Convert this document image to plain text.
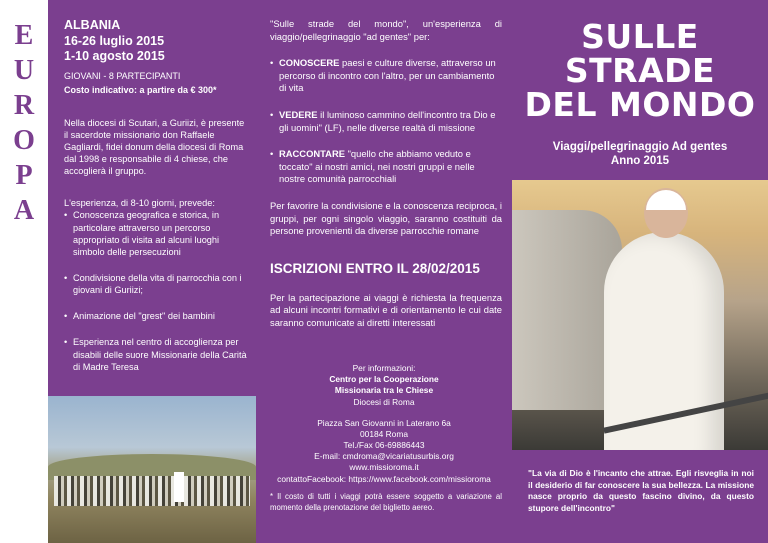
E
U
R
O
P
A
ALBANIA
16-26 luglio 2015
1-10 agosto 2015
GIOVANI - 8 PARTECIPANTI
Costo indicativo: a partire da € 300*
Nella diocesi di Scutari, a Guriizi, è presente il sacerdote missionario don Raffaele Gagliardi, fidei donum della diocesi di Roma dal 1998 e responsabile di 4 chiese, che accoglierà il gruppo.
L'esperienza, di 8-10 giorni, prevede:
• Conoscenza geografica e storica, in particolare attraverso un percorso appropriato di visita ad alcuni luoghi simbolo delle persecuzioni
• Condivisione della vita di parrocchia con i giovani di Guriizi;
• Animazione del "grest" dei bambini
• Esperienza nel centro di accoglienza per disabili delle suore Missionarie della Carità di Madre Teresa

"Sulle strade del mondo", un'esperienza di viaggio/pellegrinaggio "ad gentes" per:

• CONOSCERE paesi e culture diverse, attraverso un percorso di incontro con l'altro, per un cambiamento di vita
• VEDERE il luminoso cammino dell'incontro tra Dio e gli uomini" (LF), nelle diverse realtà di missione
• RACCONTARE "quello che abbiamo veduto e toccato" ai nostri amici, nei nostri gruppi e nelle nostre comunità parrocchiali

Per favorire la condivisione e la conoscenza reciproca, i gruppi, per ogni singolo viaggio, saranno costituiti da persone provenienti da diverse parrocchie romane

ISCRIZIONI ENTRO IL 28/02/2015

Per la partecipazione ai viaggi è richiesta la frequenza ad alcuni incontri formativi e di orientamento le cui date saranno comunicate ai diretti interessati

Per informazioni:
Centro per la Cooperazione
Missionaria tra le Chiese
Diocesi di Roma
Piazza San Giovanni in Laterano 6a
00184 Roma
Tel./Fax 06-69886443
E-mail: cmdroma@vicariatusurbis.org
www.missioroma.it
contattoFacebook: https://www.facebook.com/missioroma
* Il costo di tutti i viaggi potrà essere soggetto a variazione al momento della prenotazione del biglietto aereo.
SULLE
STRADE
DEL MONDO
Viaggi/pellegrinaggio Ad gentes
Anno 2015
"La via di Dio è l'incanto che attrae. Egli risveglia in noi il desiderio di far conoscere la sua bellezza. La missione nasce proprio da questo fascino divino, da questo stupore dell'incontro"
